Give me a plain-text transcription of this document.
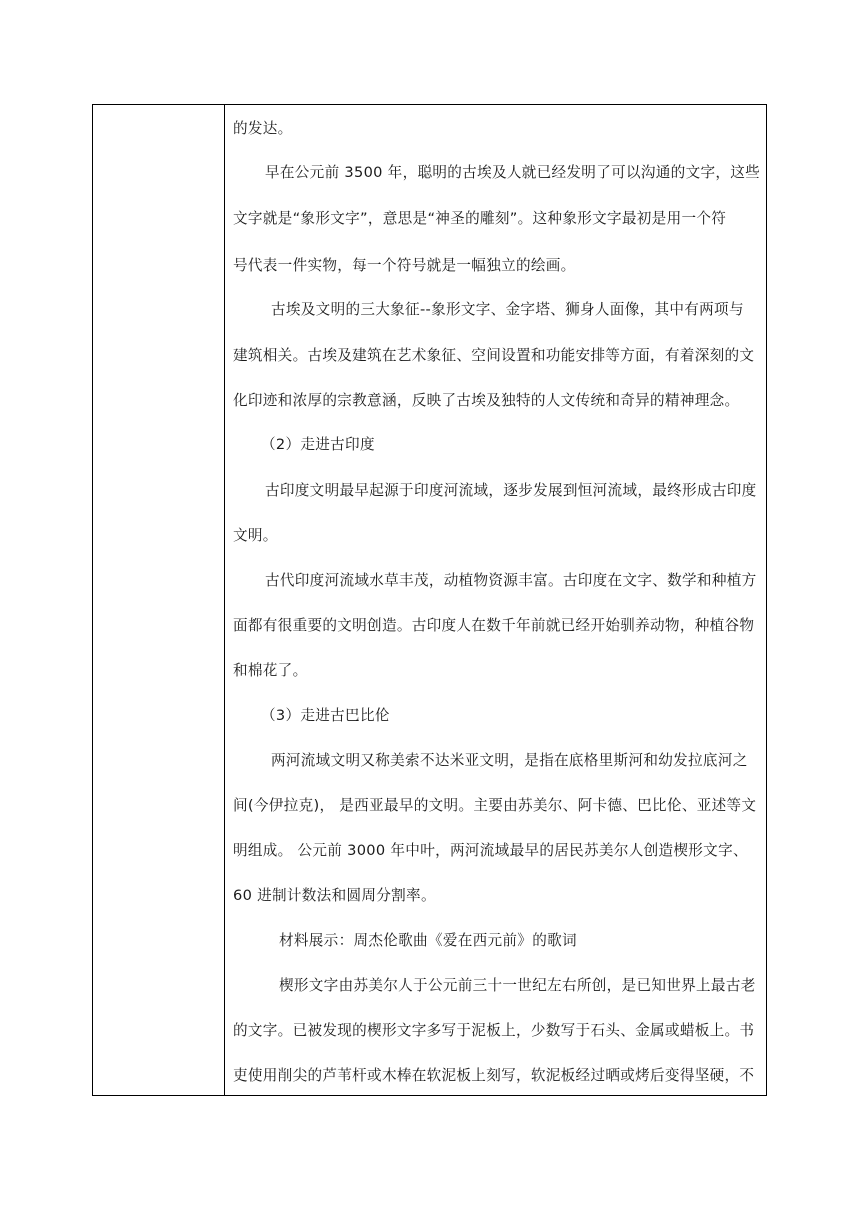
的发达。
早在公元前 3500 年，聪明的古埃及人就已经发明了可以沟通的文字，这些
文字就是“象形文字”，意思是“神圣的雕刻”。这种象形文字最初是用一个符
号代表一件实物，每一个符号就是一幅独立的绘画。
古埃及文明的三大象征--象形文字、金字塔、狮身人面像，其中有两项与
建筑相关。古埃及建筑在艺术象征、空间设置和功能安排等方面，有着深刻的文
化印迹和浓厚的宗教意涵，反映了古埃及独特的人文传统和奇异的精神理念。
（2）走进古印度
古印度文明最早起源于印度河流域，逐步发展到恒河流域，最终形成古印度
文明。
古代印度河流域水草丰茂，动植物资源丰富。古印度在文字、数学和种植方
面都有很重要的文明创造。古印度人在数千年前就已经开始驯养动物，种植谷物
和棉花了。
（3）走进古巴比伦
两河流域文明又称美索不达米亚文明，是指在底格里斯河和幼发拉底河之
间(今伊拉克)， 是西亚最早的文明。主要由苏美尔、阿卡德、巴比伦、亚述等文
明组成。 公元前 3000 年中叶，两河流域最早的居民苏美尔人创造楔形文字、
60 进制计数法和圆周分割率。
材料展示：周杰伦歌曲《爱在西元前》的歌词
楔形文字由苏美尔人于公元前三十一世纪左右所创，是已知世界上最古老
的文字。已被发现的楔形文字多写于泥板上，少数写于石头、金属或蜡板上。书
吏使用削尖的芦苇杆或木棒在软泥板上刻写，软泥板经过晒或烤后变得坚硬，不
